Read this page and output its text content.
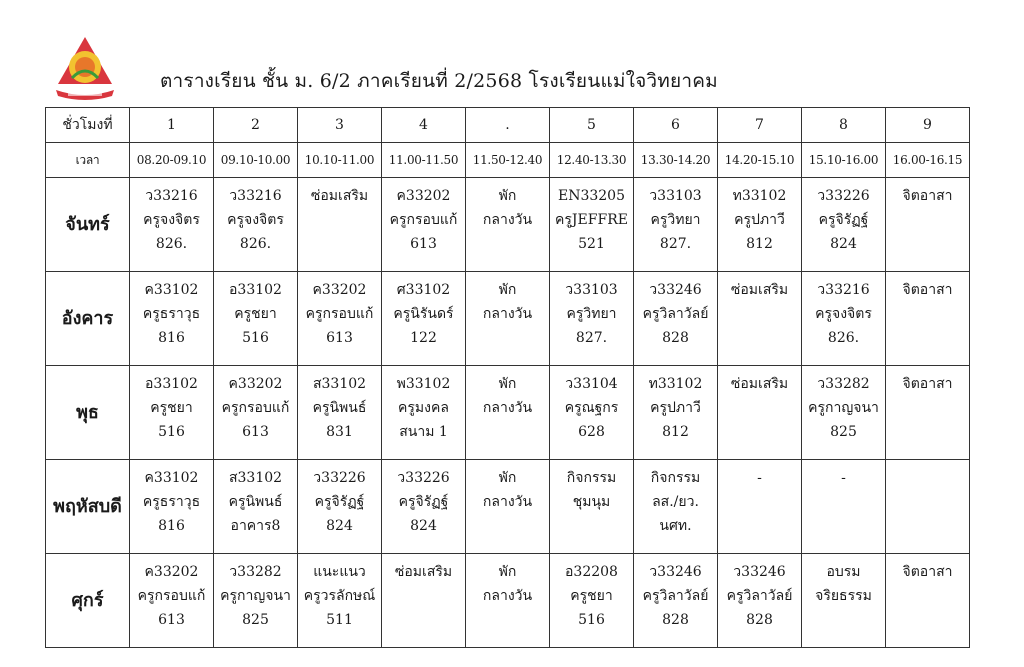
ตารางเรียน ชั้น ม. 6/2 ภาคเรียนที่ 2/2568 โรงเรียนแม่ใจวิทยาคม
ชั่วโมงที่	1	2	3	4	.	5	6	7	8	9
เวลา	08.20-09.10	09.10-10.00	10.10-11.00	11.00-11.50	11.50-12.40	12.40-13.30	13.30-14.20	14.20-15.10	15.10-16.00	16.00-16.15
จันทร์	ว33216
ครูจงจิตร
826.	ว33216
ครูจงจิตร
826.	ซ่อมเสริม	ค33202
ครูกรอบแก้
613	พัก
กลางวัน	EN33205
ครูJEFFRE
521	ว33103
ครูวิทยา
827.	ท33102
ครูปภาวี
812	ว33226
ครูจิรัฏฐ์
824	จิตอาสา

อังคาร	ค33102
ครูธราวุธ
816	อ33102
ครูชยา
516	ค33202
ครูกรอบแก้
613	ศ33102
ครูนิรันดร์
122	พัก
กลางวัน	ว33103
ครูวิทยา
827.	ว33246
ครูวิลาวัลย์
828	ซ่อมเสริม	ว33216
ครูจงจิตร
826.	จิตอาสา

พุธ	อ33102
ครูชยา
516	ค33202
ครูกรอบแก้
613	ส33102
ครูนิพนธ์
831	พ33102
ครูมงคล
สนาม 1	พัก
กลางวัน	ว33104
ครูณฐกร
628	ท33102
ครูปภาวี
812	ซ่อมเสริม	ว33282
ครูกาญจนา
825	จิตอาสา

พฤหัสบดี	ค33102
ครูธราวุธ
816	ส33102
ครูนิพนธ์
อาคาร8	ว33226
ครูจิรัฏฐ์
824	ว33226
ครูจิรัฏฐ์
824	พัก
กลางวัน	กิจกรรม
ชุมนุม	กิจกรรม
ลส./ยว.
นศท.	-	-	

ศุกร์	ค33202
ครูกรอบแก้
613	ว33282
ครูกาญจนา
825	แนะแนว
ครูวรลักษณ์
511	ซ่อมเสริม	พัก
กลางวัน	อ32208
ครูชยา
516	ว33246
ครูวิลาวัลย์
828	ว33246
ครูวิลาวัลย์
828	อบรม
จริยธรรม	จิตอาสา
